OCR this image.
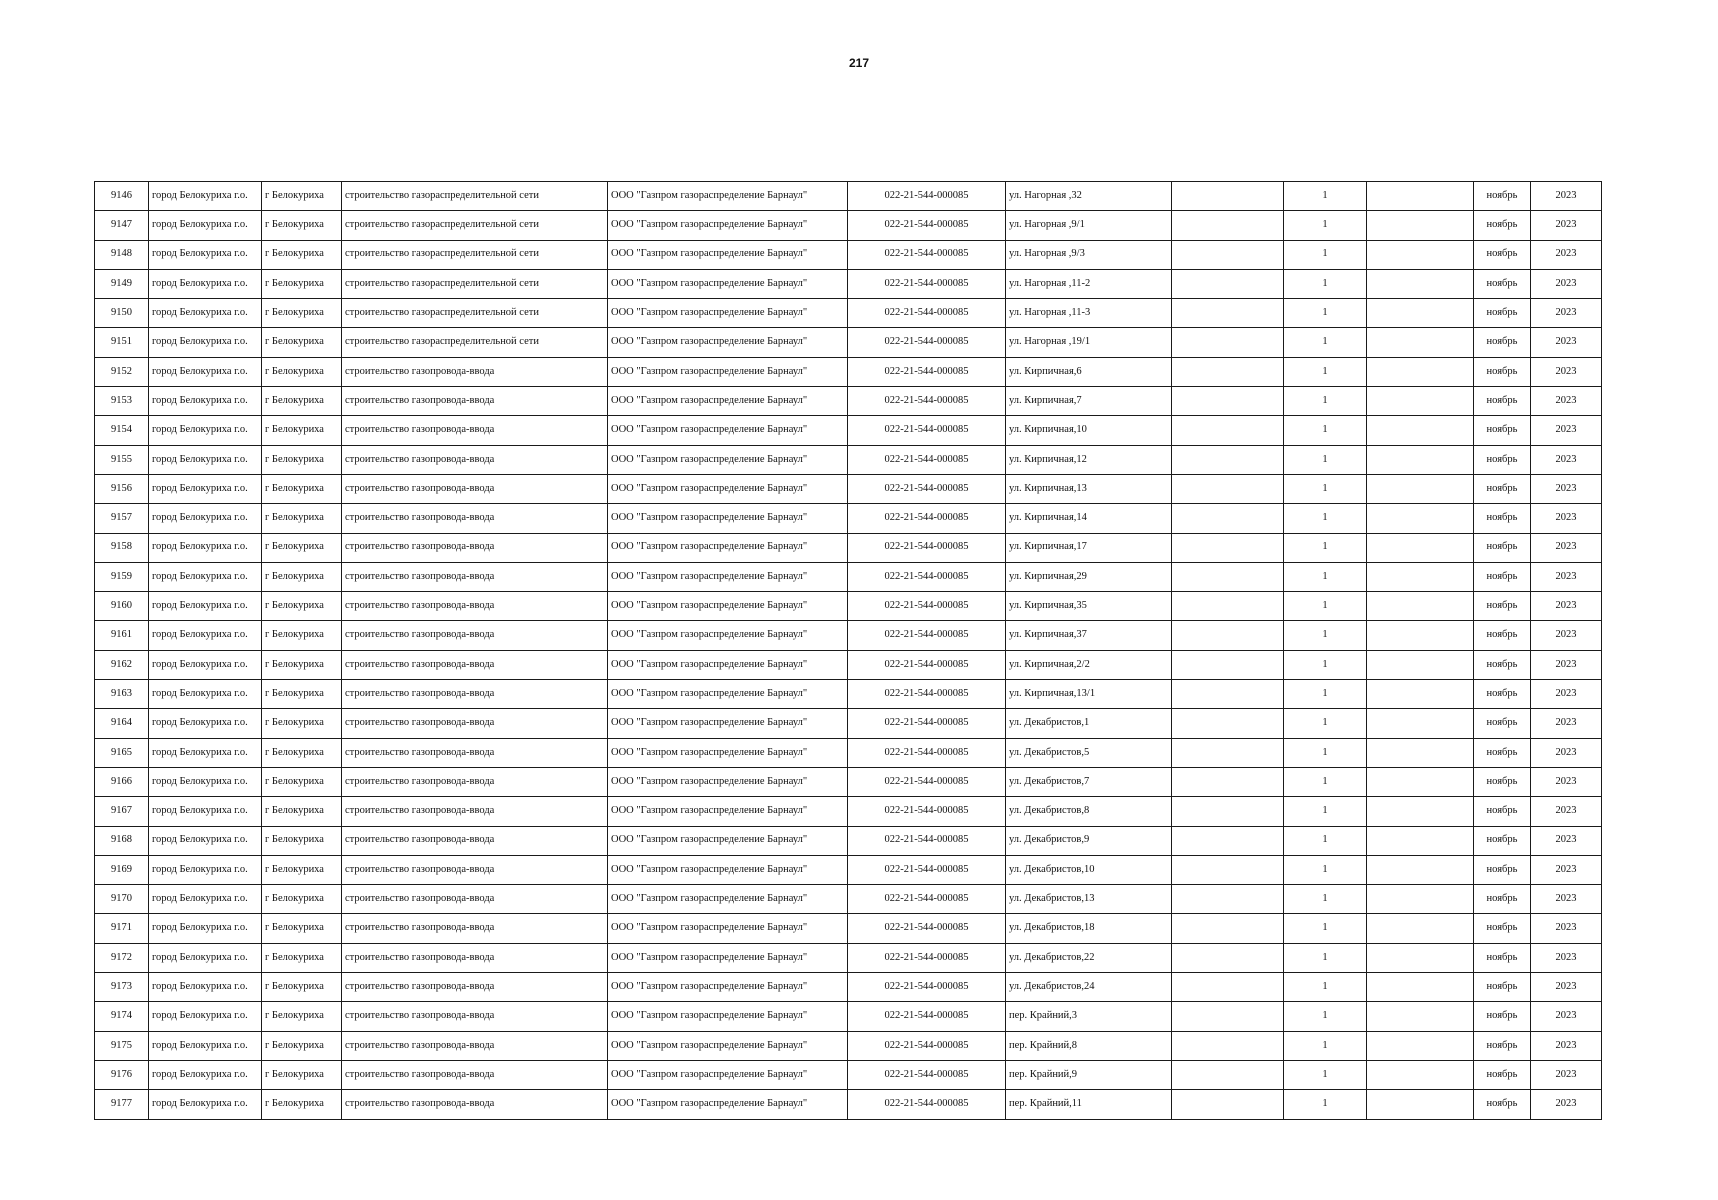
217
9146	город Белокуриха г.о.	г Белокуриха	строительство газораспределительной сети	ООО "Газпром газораспределение Барнаул"	022-21-544-000085	ул. Нагорная ,32		1		ноябрь	2023
9147	город Белокуриха г.о.	г Белокуриха	строительство газораспределительной сети	ООО "Газпром газораспределение Барнаул"	022-21-544-000085	ул. Нагорная ,9/1		1		ноябрь	2023
9148	город Белокуриха г.о.	г Белокуриха	строительство газораспределительной сети	ООО "Газпром газораспределение Барнаул"	022-21-544-000085	ул. Нагорная ,9/3		1		ноябрь	2023
9149	город Белокуриха г.о.	г Белокуриха	строительство газораспределительной сети	ООО "Газпром газораспределение Барнаул"	022-21-544-000085	ул. Нагорная ,11-2		1		ноябрь	2023
9150	город Белокуриха г.о.	г Белокуриха	строительство газораспределительной сети	ООО "Газпром газораспределение Барнаул"	022-21-544-000085	ул. Нагорная ,11-3		1		ноябрь	2023
9151	город Белокуриха г.о.	г Белокуриха	строительство газораспределительной сети	ООО "Газпром газораспределение Барнаул"	022-21-544-000085	ул. Нагорная ,19/1		1		ноябрь	2023
9152	город Белокуриха г.о.	г Белокуриха	строительство газопровода-ввода	ООО "Газпром газораспределение Барнаул"	022-21-544-000085	ул. Кирпичная,6		1		ноябрь	2023
9153	город Белокуриха г.о.	г Белокуриха	строительство газопровода-ввода	ООО "Газпром газораспределение Барнаул"	022-21-544-000085	ул. Кирпичная,7		1		ноябрь	2023
9154	город Белокуриха г.о.	г Белокуриха	строительство газопровода-ввода	ООО "Газпром газораспределение Барнаул"	022-21-544-000085	ул. Кирпичная,10		1		ноябрь	2023
9155	город Белокуриха г.о.	г Белокуриха	строительство газопровода-ввода	ООО "Газпром газораспределение Барнаул"	022-21-544-000085	ул. Кирпичная,12		1		ноябрь	2023
9156	город Белокуриха г.о.	г Белокуриха	строительство газопровода-ввода	ООО "Газпром газораспределение Барнаул"	022-21-544-000085	ул. Кирпичная,13		1		ноябрь	2023
9157	город Белокуриха г.о.	г Белокуриха	строительство газопровода-ввода	ООО "Газпром газораспределение Барнаул"	022-21-544-000085	ул. Кирпичная,14		1		ноябрь	2023
9158	город Белокуриха г.о.	г Белокуриха	строительство газопровода-ввода	ООО "Газпром газораспределение Барнаул"	022-21-544-000085	ул. Кирпичная,17		1		ноябрь	2023
9159	город Белокуриха г.о.	г Белокуриха	строительство газопровода-ввода	ООО "Газпром газораспределение Барнаул"	022-21-544-000085	ул. Кирпичная,29		1		ноябрь	2023
9160	город Белокуриха г.о.	г Белокуриха	строительство газопровода-ввода	ООО "Газпром газораспределение Барнаул"	022-21-544-000085	ул. Кирпичная,35		1		ноябрь	2023
9161	город Белокуриха г.о.	г Белокуриха	строительство газопровода-ввода	ООО "Газпром газораспределение Барнаул"	022-21-544-000085	ул. Кирпичная,37		1		ноябрь	2023
9162	город Белокуриха г.о.	г Белокуриха	строительство газопровода-ввода	ООО "Газпром газораспределение Барнаул"	022-21-544-000085	ул. Кирпичная,2/2		1		ноябрь	2023
9163	город Белокуриха г.о.	г Белокуриха	строительство газопровода-ввода	ООО "Газпром газораспределение Барнаул"	022-21-544-000085	ул. Кирпичная,13/1		1		ноябрь	2023
9164	город Белокуриха г.о.	г Белокуриха	строительство газопровода-ввода	ООО "Газпром газораспределение Барнаул"	022-21-544-000085	ул. Декабристов,1		1		ноябрь	2023
9165	город Белокуриха г.о.	г Белокуриха	строительство газопровода-ввода	ООО "Газпром газораспределение Барнаул"	022-21-544-000085	ул. Декабристов,5		1		ноябрь	2023
9166	город Белокуриха г.о.	г Белокуриха	строительство газопровода-ввода	ООО "Газпром газораспределение Барнаул"	022-21-544-000085	ул. Декабристов,7		1		ноябрь	2023
9167	город Белокуриха г.о.	г Белокуриха	строительство газопровода-ввода	ООО "Газпром газораспределение Барнаул"	022-21-544-000085	ул. Декабристов,8		1		ноябрь	2023
9168	город Белокуриха г.о.	г Белокуриха	строительство газопровода-ввода	ООО "Газпром газораспределение Барнаул"	022-21-544-000085	ул. Декабристов,9		1		ноябрь	2023
9169	город Белокуриха г.о.	г Белокуриха	строительство газопровода-ввода	ООО "Газпром газораспределение Барнаул"	022-21-544-000085	ул. Декабристов,10		1		ноябрь	2023
9170	город Белокуриха г.о.	г Белокуриха	строительство газопровода-ввода	ООО "Газпром газораспределение Барнаул"	022-21-544-000085	ул. Декабристов,13		1		ноябрь	2023
9171	город Белокуриха г.о.	г Белокуриха	строительство газопровода-ввода	ООО "Газпром газораспределение Барнаул"	022-21-544-000085	ул. Декабристов,18		1		ноябрь	2023
9172	город Белокуриха г.о.	г Белокуриха	строительство газопровода-ввода	ООО "Газпром газораспределение Барнаул"	022-21-544-000085	ул. Декабристов,22		1		ноябрь	2023
9173	город Белокуриха г.о.	г Белокуриха	строительство газопровода-ввода	ООО "Газпром газораспределение Барнаул"	022-21-544-000085	ул. Декабристов,24		1		ноябрь	2023
9174	город Белокуриха г.о.	г Белокуриха	строительство газопровода-ввода	ООО "Газпром газораспределение Барнаул"	022-21-544-000085	пер. Крайний,3		1		ноябрь	2023
9175	город Белокуриха г.о.	г Белокуриха	строительство газопровода-ввода	ООО "Газпром газораспределение Барнаул"	022-21-544-000085	пер. Крайний,8		1		ноябрь	2023
9176	город Белокуриха г.о.	г Белокуриха	строительство газопровода-ввода	ООО "Газпром газораспределение Барнаул"	022-21-544-000085	пер. Крайний,9		1		ноябрь	2023
9177	город Белокуриха г.о.	г Белокуриха	строительство газопровода-ввода	ООО "Газпром газораспределение Барнаул"	022-21-544-000085	пер. Крайний,11		1		ноябрь	2023
